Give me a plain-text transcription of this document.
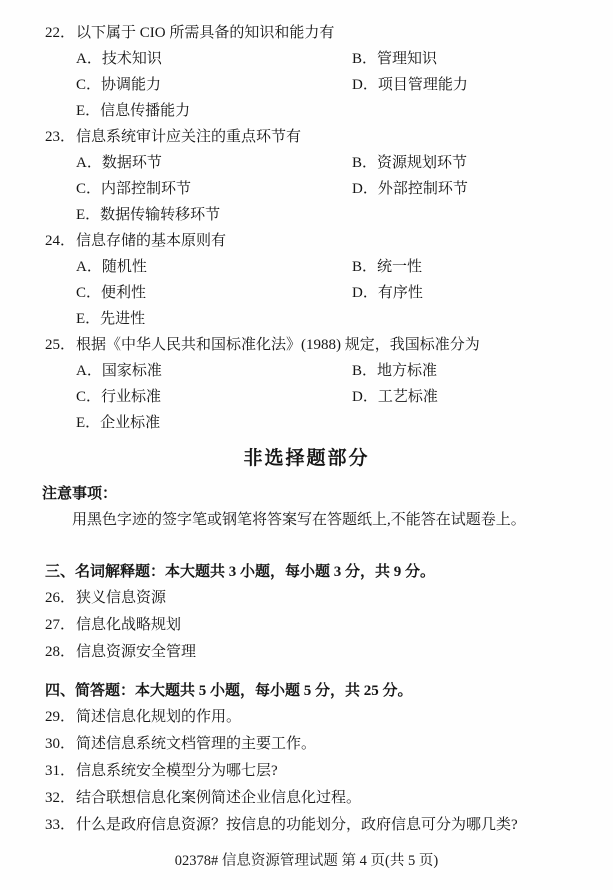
22．以下属于 CIO 所需具备的知识和能力有
A．技术知识	B．管理知识
C．协调能力	D．项目管理能力
E．信息传播能力
23．信息系统审计应关注的重点环节有
A．数据环节	B．资源规划环节
C．内部控制环节	D．外部控制环节
E．数据传输转移环节
24．信息存储的基本原则有
A．随机性	B．统一性
C．便利性	D．有序性
E．先进性
25．根据《中华人民共和国标准化法》(1988) 规定，我国标准分为
A．国家标准	B．地方标准
C．行业标准	D．工艺标准
E．企业标准
非选择题部分
注意事项：
用黑色字迹的签字笔或钢笔将答案写在答题纸上,不能答在试题卷上。
三、名词解释题：本大题共 3 小题，每小题 3 分，共 9 分。
26．狭义信息资源
27．信息化战略规划
28．信息资源安全管理
四、简答题：本大题共 5 小题，每小题 5 分，共 25 分。
29．简述信息化规划的作用。
30．简述信息系统文档管理的主要工作。
31．信息系统安全模型分为哪七层?
32．结合联想信息化案例简述企业信息化过程。
33．什么是政府信息资源？按信息的功能划分，政府信息可分为哪几类?
02378# 信息资源管理试题 第 4 页(共 5 页)
